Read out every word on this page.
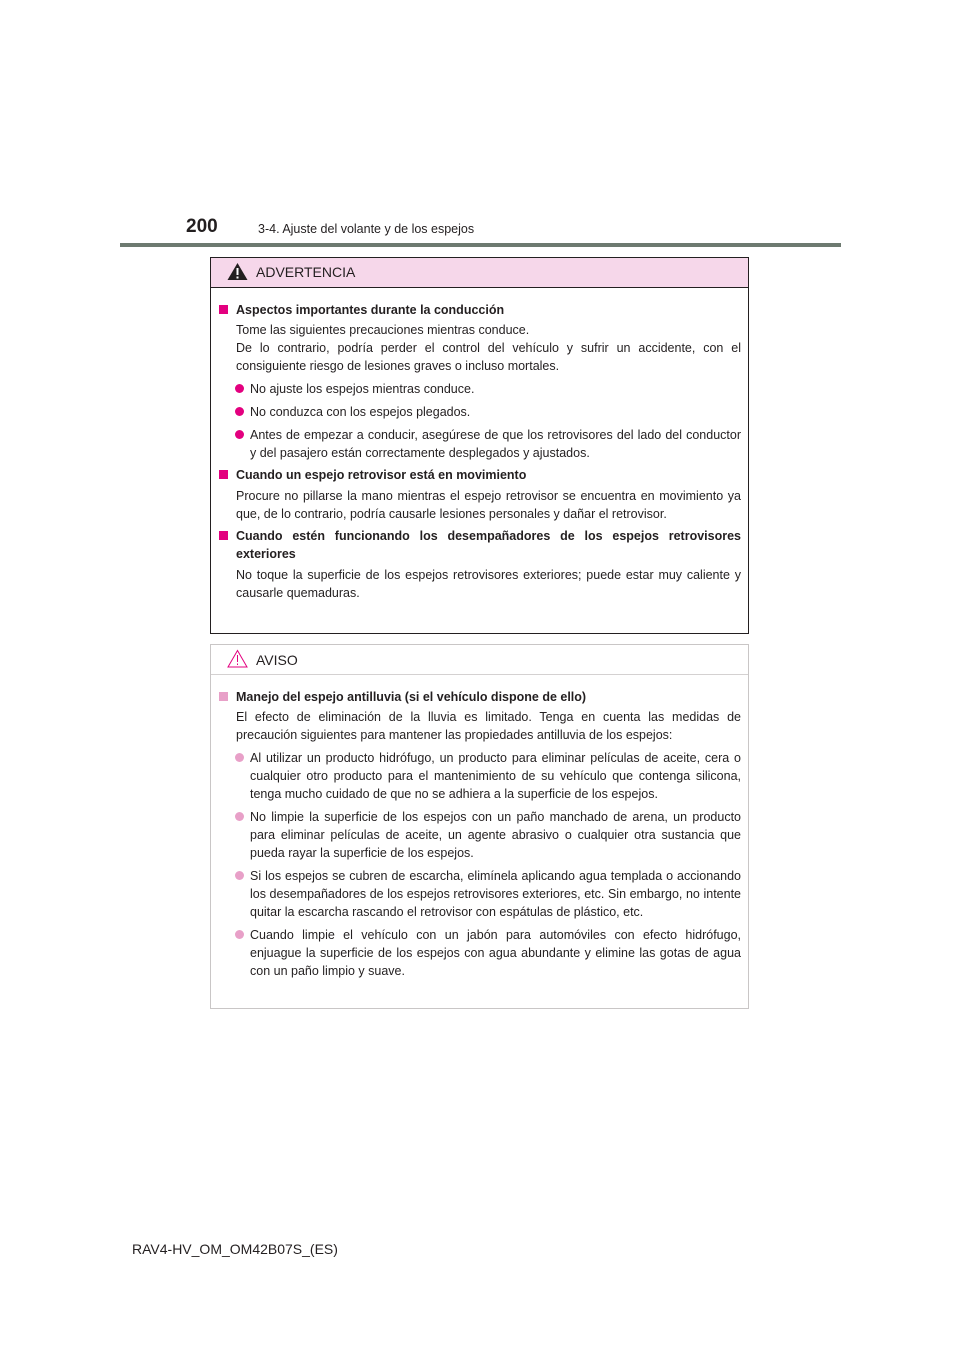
200	3-4. Ajuste del volante y de los espejos
ADVERTENCIA
Aspectos importantes durante la conducción
Tome las siguientes precauciones mientras conduce.
De lo contrario, podría perder el control del vehículo y sufrir un accidente, con el consiguiente riesgo de lesiones graves o incluso mortales.
No ajuste los espejos mientras conduce.
No conduzca con los espejos plegados.
Antes de empezar a conducir, asegúrese de que los retrovisores del lado del conductor y del pasajero están correctamente desplegados y ajustados.
Cuando un espejo retrovisor está en movimiento
Procure no pillarse la mano mientras el espejo retrovisor se encuentra en movimiento ya que, de lo contrario, podría causarle lesiones personales y dañar el retrovisor.
Cuando estén funcionando los desempañadores de los espejos retrovisores exteriores
No toque la superficie de los espejos retrovisores exteriores; puede estar muy caliente y causarle quemaduras.
AVISO
Manejo del espejo antilluvia (si el vehículo dispone de ello)
El efecto de eliminación de la lluvia es limitado. Tenga en cuenta las medidas de precaución siguientes para mantener las propiedades antilluvia de los espejos:
Al utilizar un producto hidrófugo, un producto para eliminar películas de aceite, cera o cualquier otro producto para el mantenimiento de su vehículo que contenga silicona, tenga mucho cuidado de que no se adhiera a la superficie de los espejos.
No limpie la superficie de los espejos con un paño manchado de arena, un producto para eliminar películas de aceite, un agente abrasivo o cualquier otra sustancia que pueda rayar la superficie de los espejos.
Si los espejos se cubren de escarcha, elimínela aplicando agua templada o accionando los desempañadores de los espejos retrovisores exteriores, etc. Sin embargo, no intente quitar la escarcha rascando el retrovisor con espátulas de plástico, etc.
Cuando limpie el vehículo con un jabón para automóviles con efecto hidrófugo, enjuague la superficie de los espejos con agua abundante y elimine las gotas de agua con un paño limpio y suave.
RAV4-HV_OM_OM42B07S_(ES)
